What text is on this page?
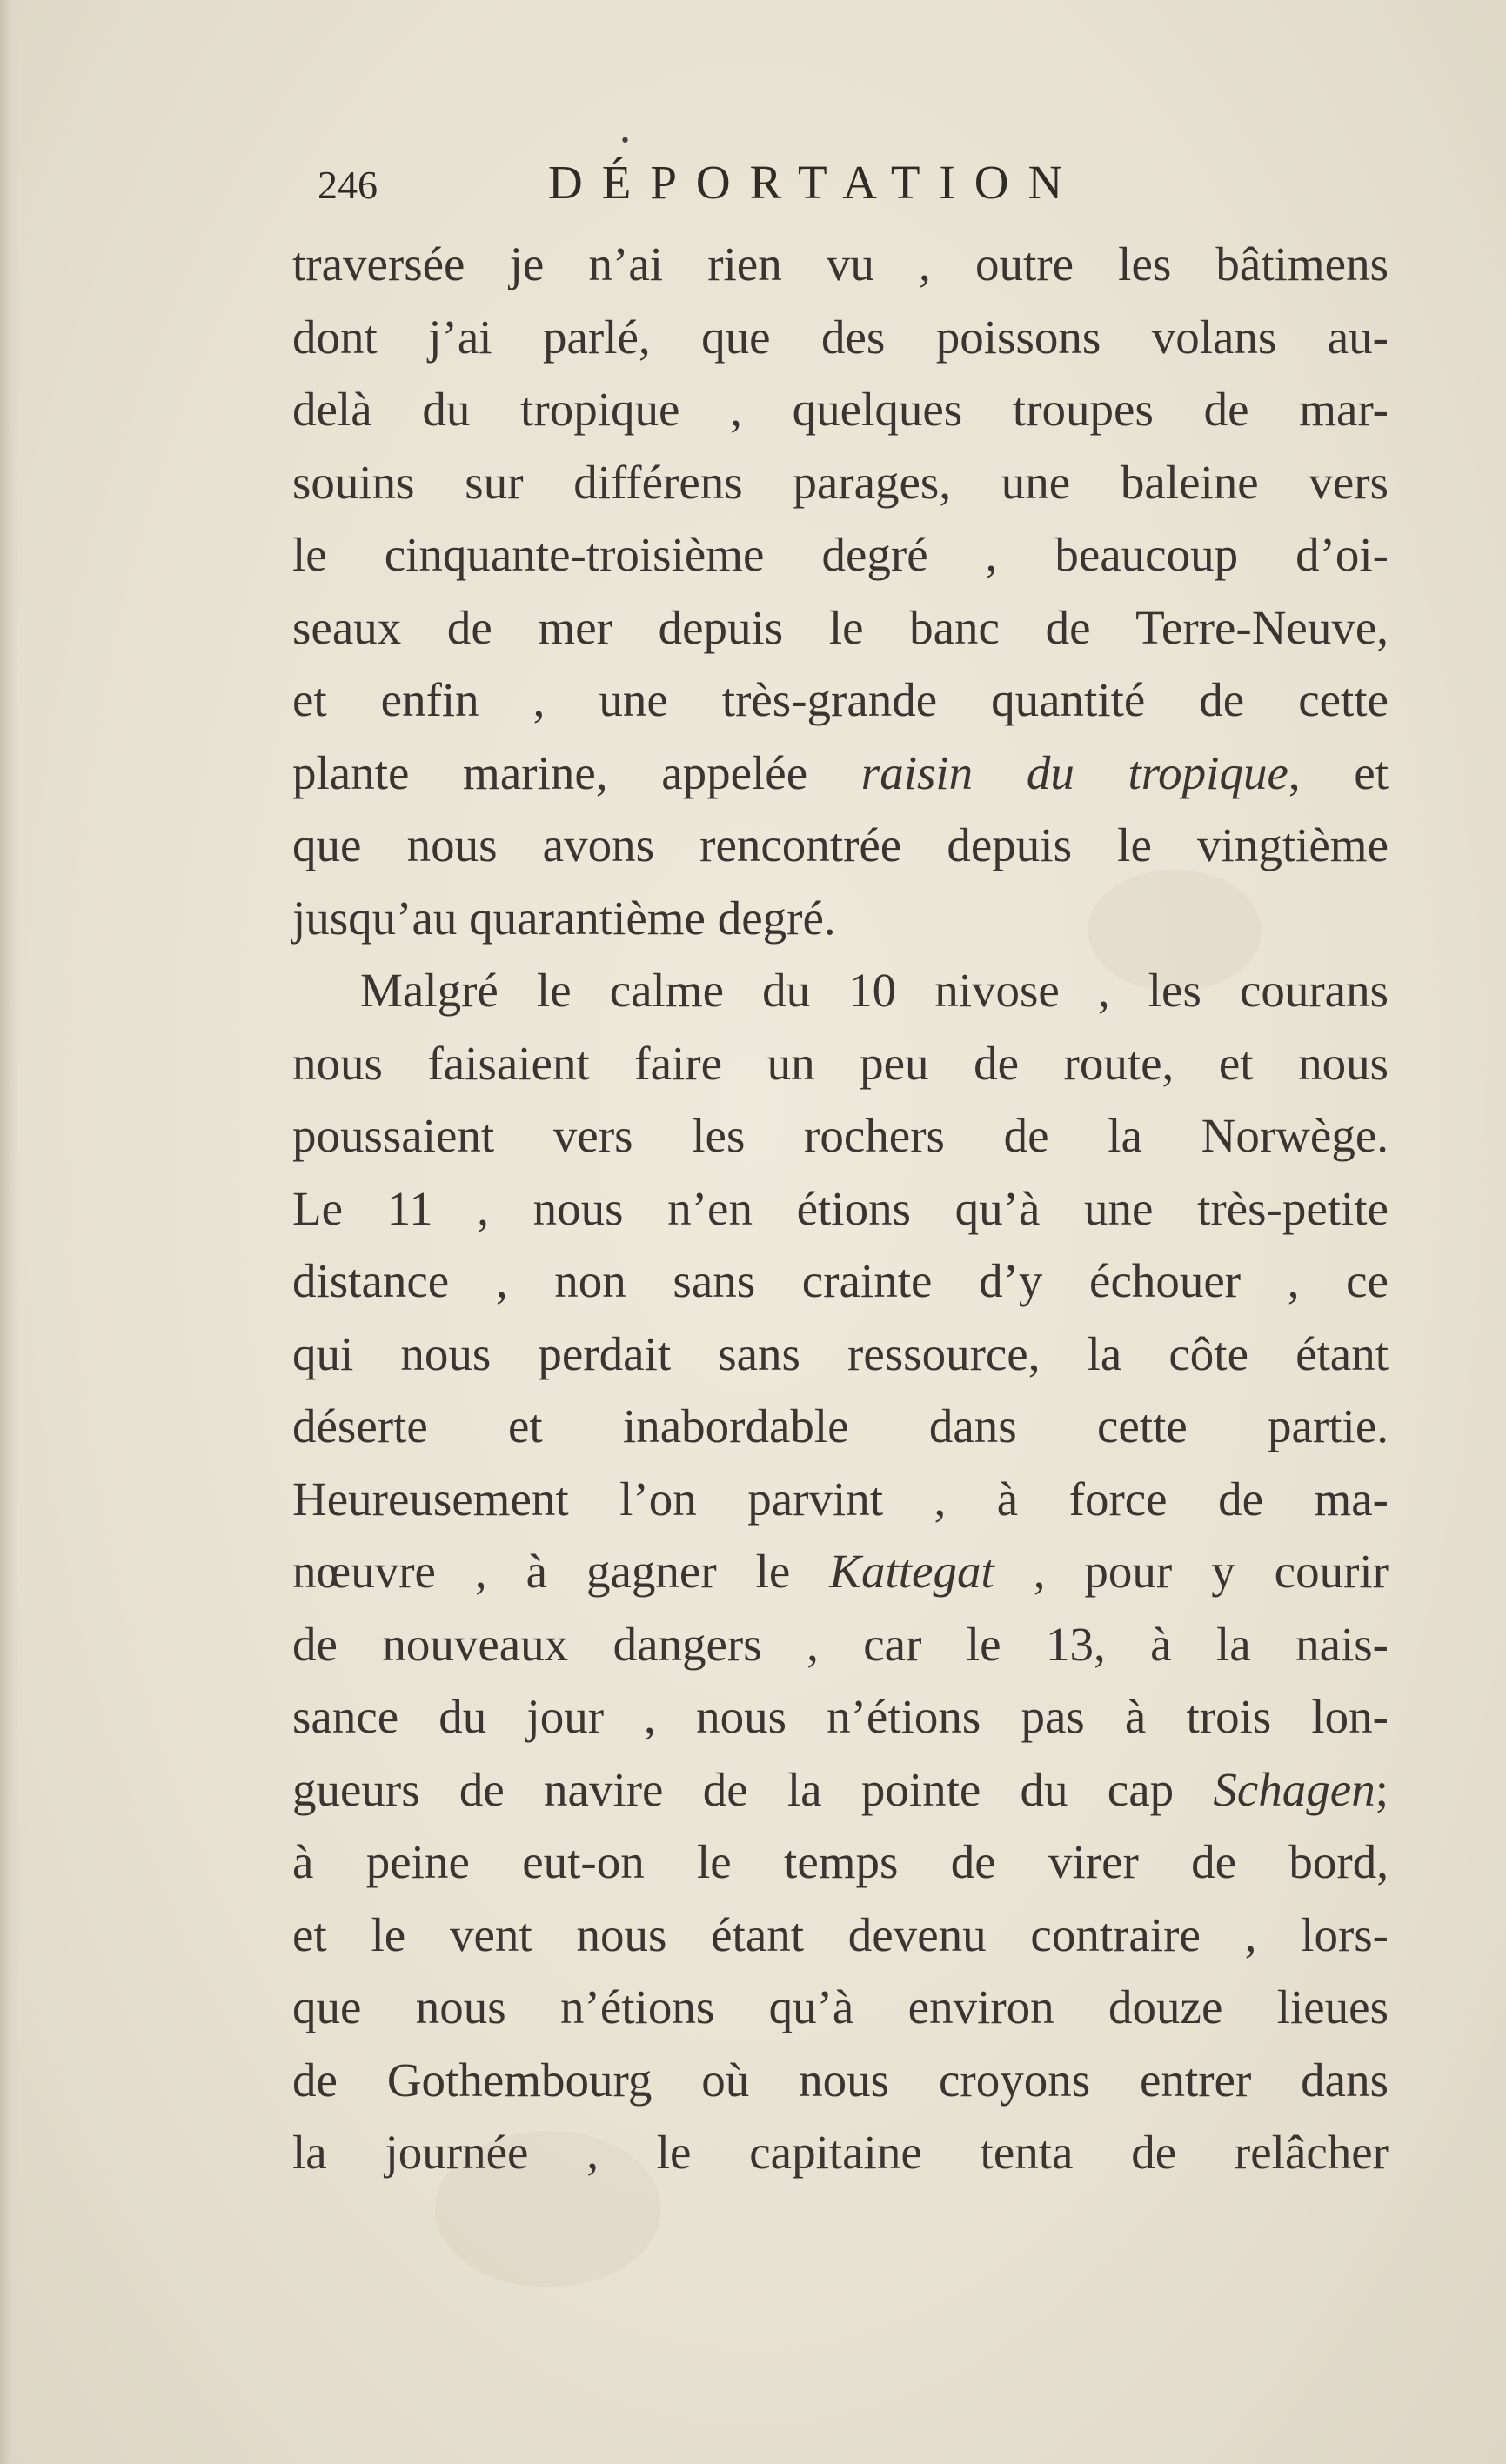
•
246	DÉPORTATION
traversée je n’ai rien vu , outre les bâtimens
dont j’ai parlé, que des poissons volans au-
delà du tropique , quelques troupes de mar-
souins sur différens parages, une baleine vers
le cinquante-troisième degré , beaucoup d’oi-
seaux de mer depuis le banc de Terre-Neuve,
et enfin , une très-grande quantité de cette
plante marine, appelée raisin du tropique, et
que nous avons rencontrée depuis le vingtième
jusqu’au quarantième degré.
Malgré le calme du 10 nivose , les courans
nous faisaient faire un peu de route, et nous
poussaient vers les rochers de la Norwège.
Le 11 , nous n’en étions qu’à une très-petite
distance , non sans crainte d’y échouer , ce
qui nous perdait sans ressource, la côte étant
déserte et inabordable dans cette partie.
Heureusement l’on parvint , à force de ma-
nœuvre , à gagner le Kattegat , pour y courir
de nouveaux dangers , car le 13, à la nais-
sance du jour , nous n’étions pas à trois lon-
gueurs de navire de la pointe du cap Schagen;
à peine eut-on le temps de virer de bord,
et le vent nous étant devenu contraire , lors-
que nous n’étions qu’à environ douze lieues
de Gothembourg où nous croyons entrer dans
la journée , le capitaine tenta de relâcher
